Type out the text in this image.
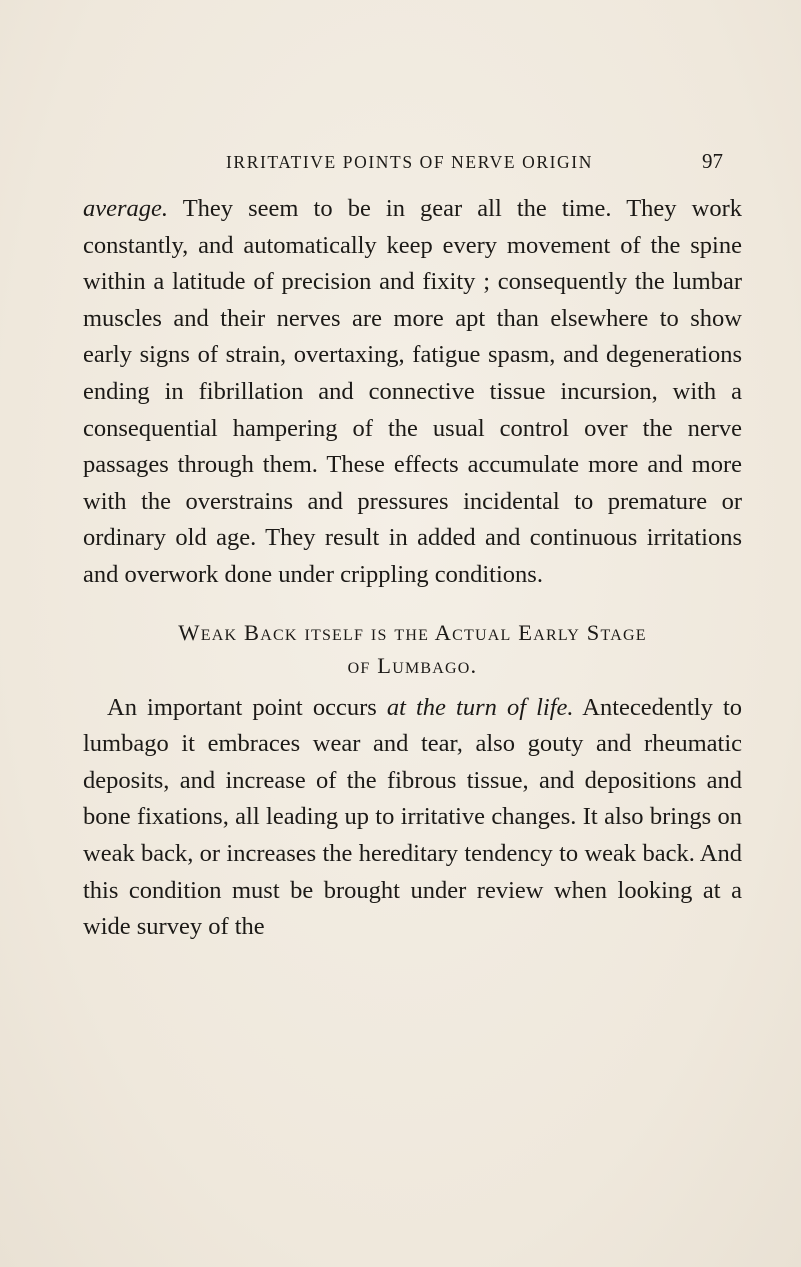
IRRITATIVE POINTS OF NERVE ORIGIN	97

average. They seem to be in gear all the time. They work constantly, and automatically keep every movement of the spine within a latitude of precision and fixity ; consequently the lumbar muscles and their nerves are more apt than elsewhere to show early signs of strain, overtaxing, fatigue spasm, and degenerations ending in fibrillation and connective tissue incursion, with a consequential hampering of the usual control over the nerve passages through them. These effects accumulate more and more with the overstrains and pressures incidental to premature or ordinary old age. They result in added and continuous irritations and overwork done under crippling conditions.

Weak Back itself is the Actual Early Stage
of Lumbago.

An important point occurs at the turn of life. Antecedently to lumbago it embraces wear and tear, also gouty and rheumatic deposits, and increase of the fibrous tissue, and depositions and bone fixations, all leading up to irritative changes. It also brings on weak back, or increases the hereditary tendency to weak back. And this condition must be brought under review when looking at a wide survey of the
